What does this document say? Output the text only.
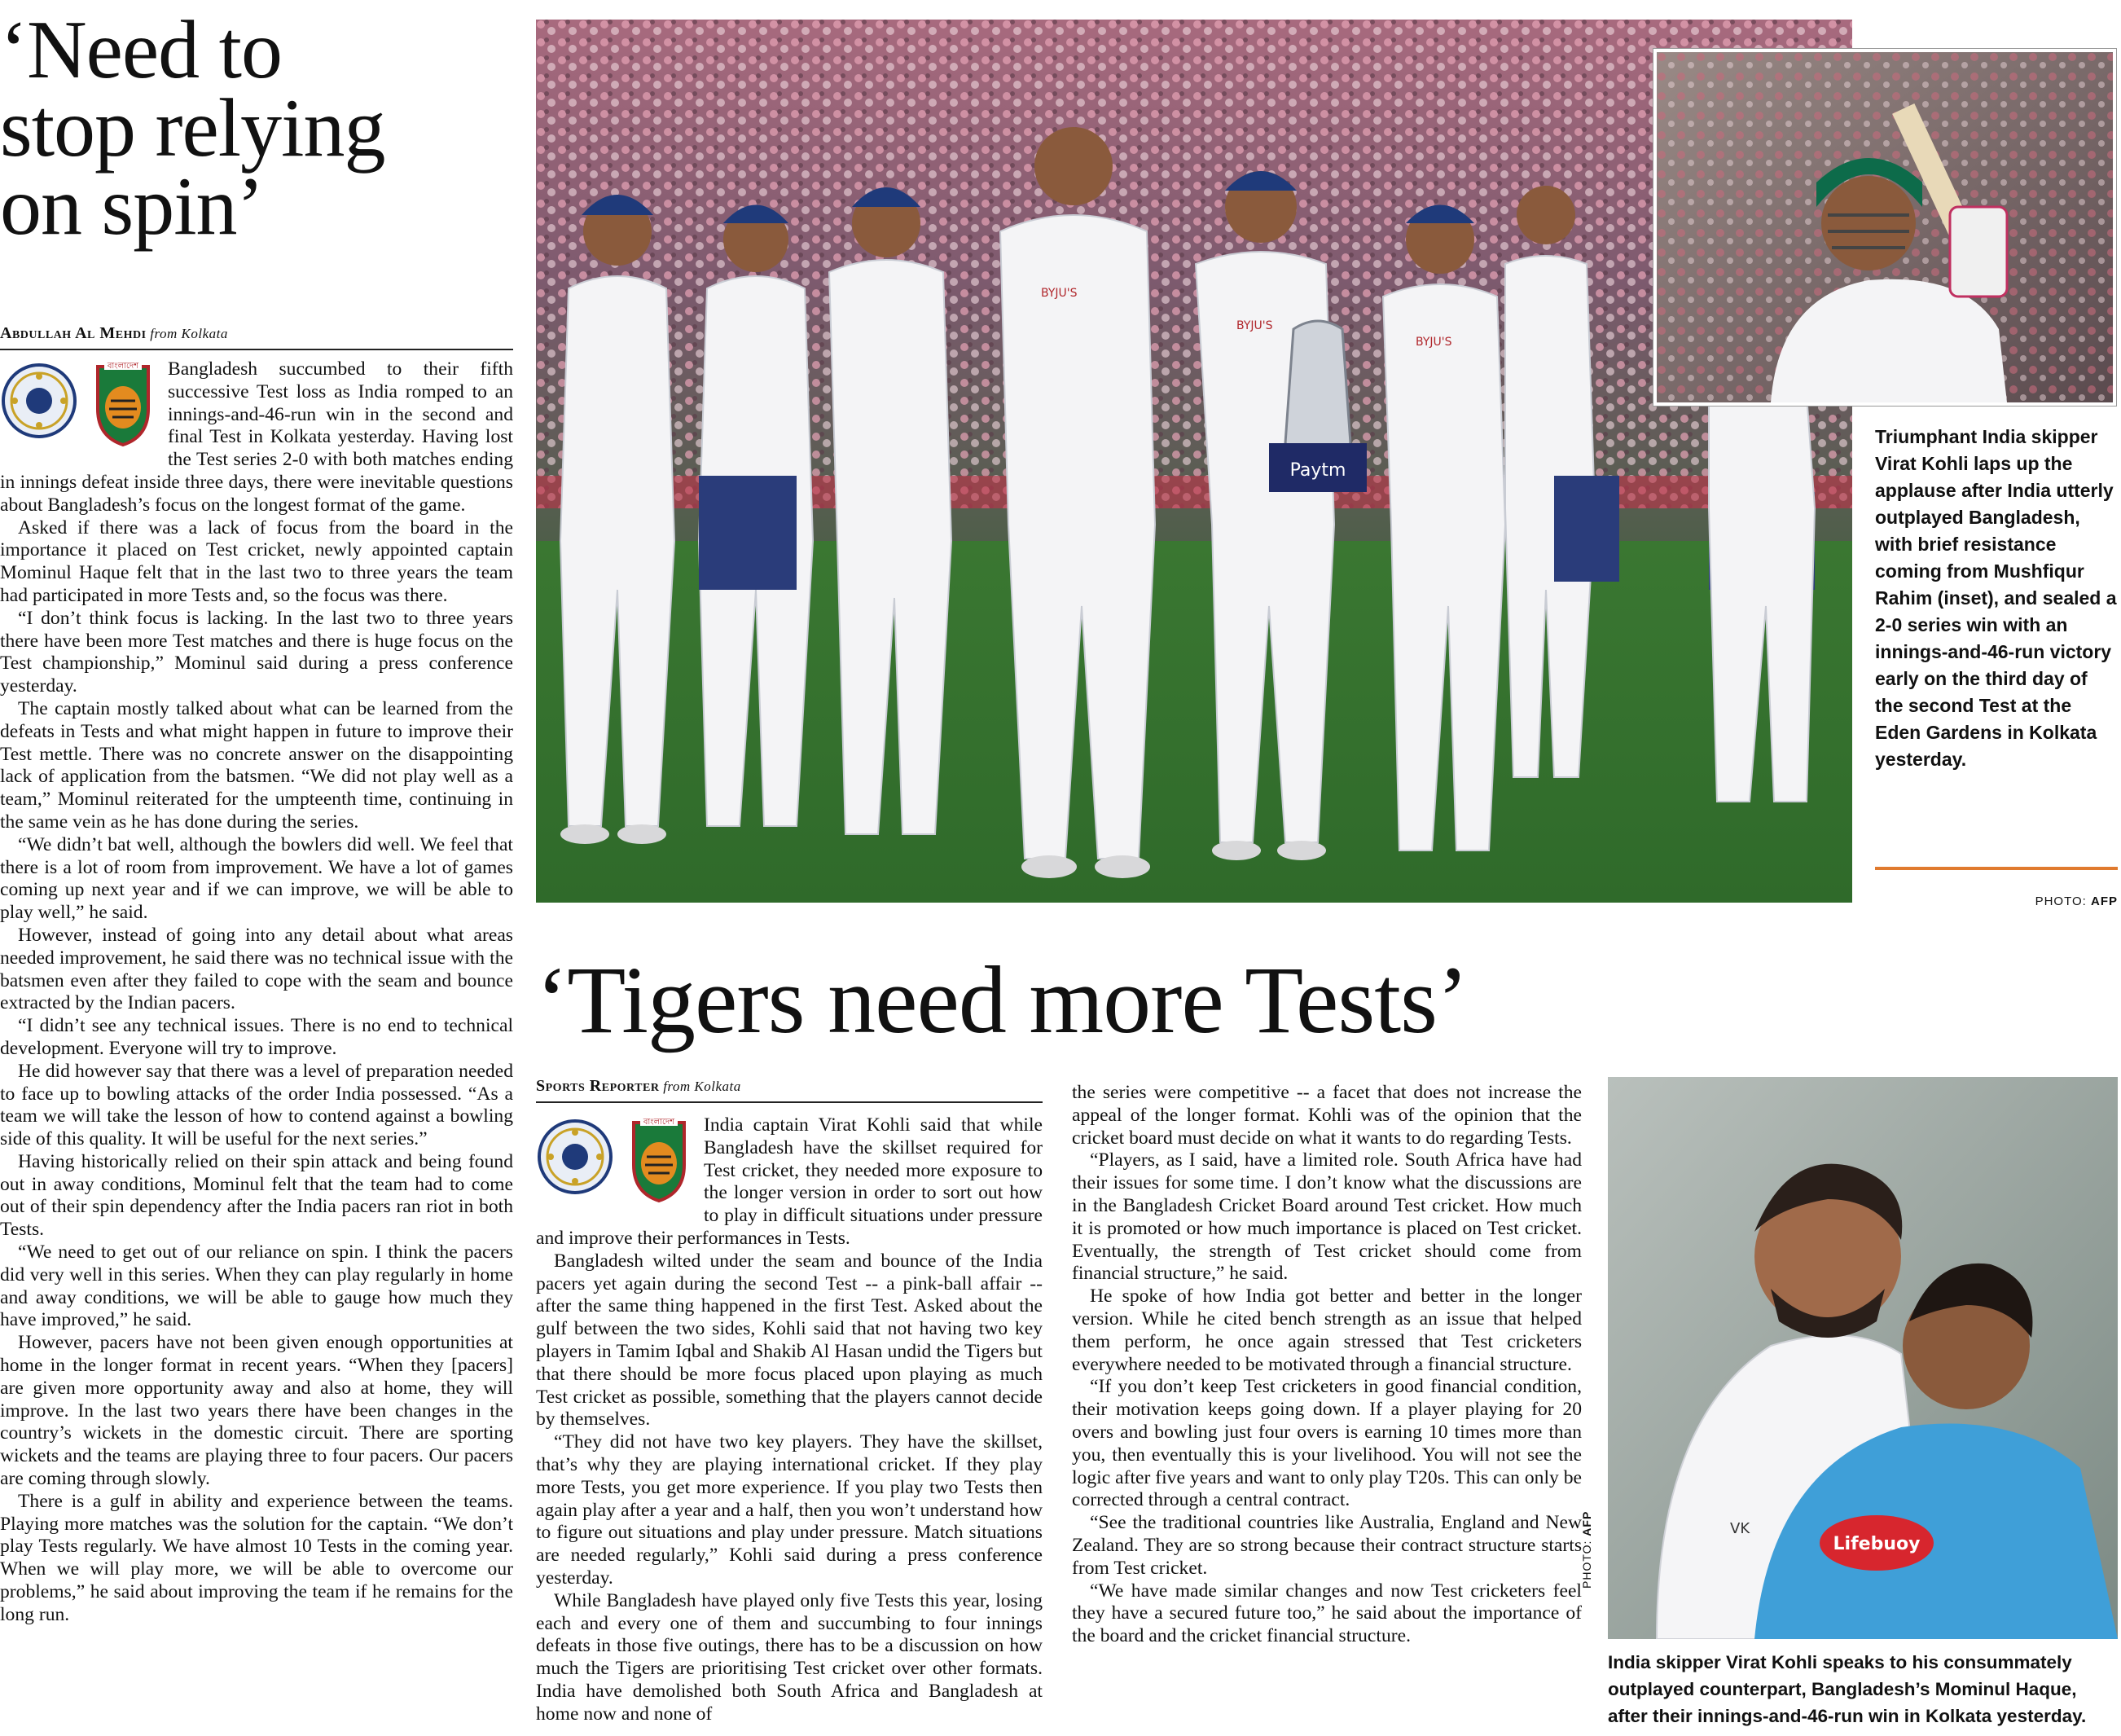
‘Need to
stop relying
on spin’
Abdullah Al Mehdi from Kolkata
বাংলাদেশ	Bangladesh succumbed to their fifth successive Test loss as India romped to an innings-and-46-run win in the second and final Test in Kolkata yesterday. Having lost the Test series 2-0 with both matches ending in innings defeat inside three days, there were inevitable questions about Bangladesh’s focus on the longest format of the game.

Asked if there was a lack of focus from the board in the importance it placed on Test cricket, newly appointed captain Mominul Haque felt that in the last two to three years the team had participated in more Tests and, so the focus was there.

“I don’t think focus is lacking. In the last two to three years there have been more Test matches and there is huge focus on the Test championship,” Mominul said during a press conference yesterday.

The captain mostly talked about what can be learned from the defeats in Tests and what might happen in future to improve their Test mettle. There was no concrete answer on the disappointing lack of application from the batsmen. “We did not play well as a team,” Mominul reiterated for the umpteenth time, continuing in the same vein as he has done during the series.

“We didn’t bat well, although the bowlers did well. We feel that there is a lot of room from improvement. We have a lot of games coming up next year and if we can improve, we will be able to play well,” he said.

However, instead of going into any detail about what areas needed improvement, he said there was no technical issue with the batsmen even after they failed to cope with the seam and bounce extracted by the Indian pacers.

“I didn’t see any technical issues. There is no end to technical development. Everyone will try to improve.

He did however say that there was a level of preparation needed to face up to bowling attacks of the order India possessed. “As a team we will take the lesson of how to contend against a bowling side of this quality. It will be useful for the next series.”

Having historically relied on their spin attack and being found out in away conditions, Mominul felt that the team had to come out of their spin dependency after the India pacers ran riot in both Tests.

“We need to get out of our reliance on spin. I think the pacers did very well in this series. When they can play regularly in home and away conditions, we will be able to gauge how much they have improved,” he said.

However, pacers have not been given enough opportunities at home in the longer format in recent years. “When they [pacers] are given more opportunity away and also at home, they will improve. In the last two years there have been changes in the country’s wickets in the domestic circuit. There are sporting wickets and the teams are playing three to four pacers. Our pacers are coming through slowly.

There is a gulf in ability and experience between the teams. Playing more matches was the solution for the captain. “We don’t play Tests regularly. We have almost 10 Tests in the coming year. When we will play more, we will be able to overcome our problems,” he said about improving the team if he remains for the long run.

Paytm
BYJU'S
BYJU'S
BYJU'S
Triumphant India skipper Virat Kohli laps up the applause after India utterly outplayed Bangladesh, with brief resistance coming from Mushfiqur Rahim (inset), and sealed a 2-0 series win with an innings-and-46-run victory early on the third day of the second Test at the Eden Gardens in Kolkata yesterday.
PHOTO: AFP
‘Tigers need more Tests’
Sports Reporter from Kolkata
বাংলাদেশ	India captain Virat Kohli said that while Bangladesh have the skillset required for Test cricket, they needed more exposure to the longer version in order to sort out how to play in difficult situations under pressure and improve their performances in Tests.

Bangladesh wilted under the seam and bounce of the India pacers yet again during the second Test -- a pink-ball affair -- after the same thing happened in the first Test. Asked about the gulf between the two sides, Kohli said that not having two key players in Tamim Iqbal and Shakib Al Hasan undid the Tigers but that there should be more focus placed upon playing as much Test cricket as possible, something that the players cannot decide by themselves.

“They did not have two key players. They have the skillset, that’s why they are playing international cricket. If they play more Tests, you get more experience. If you play two Tests then again play after a year and a half, then you won’t understand how to figure out situations and play under pressure. Match situations are needed regularly,” Kohli said during a press conference yesterday.

While Bangladesh have played only five Tests this year, losing each and every one of them and succumbing to four innings defeats in those five outings, there has to be a discussion on how much the Tigers are prioritising Test cricket over other formats. India have demolished both South Africa and Bangladesh at home now and none of

the series were competitive -- a facet that does not increase the appeal of the longer format. Kohli was of the opinion that the cricket board must decide on what it wants to do regarding Tests.

“Players, as I said, have a limited role. South Africa have had their issues for some time. I don’t know what the discussions are in the Bangladesh Cricket Board around Test cricket. How much it is promoted or how much importance is placed on Test cricket. Eventually, the strength of Test cricket should come from financial structure,” he said.

He spoke of how India got better and better in the longer version. While he cited bench strength as an issue that helped them perform, he once again stressed that Test cricketers everywhere needed to be motivated through a financial structure.

“If you don’t keep Test cricketers in good financial condition, their motivation keeps going down. If a player playing for 20 overs and bowling just four overs is earning 10 times more than you, then eventually this is your livelihood. You will not see the logic after five years and want to only play T20s. This can only be corrected through a central contract.

“See the traditional countries like Australia, England and New Zealand. They are so strong because their contract structure starts from Test cricket.

“We have made similar changes and now Test cricketers feel they have a secured future too,” he said about the importance of the board and the cricket financial structure.

PHOTO: AFP	VK
Lifebuoy
India skipper Virat Kohli speaks to his consummately outplayed counterpart, Bangladesh’s Mominul Haque, after their innings-and-46-run win in Kolkata yesterday.
